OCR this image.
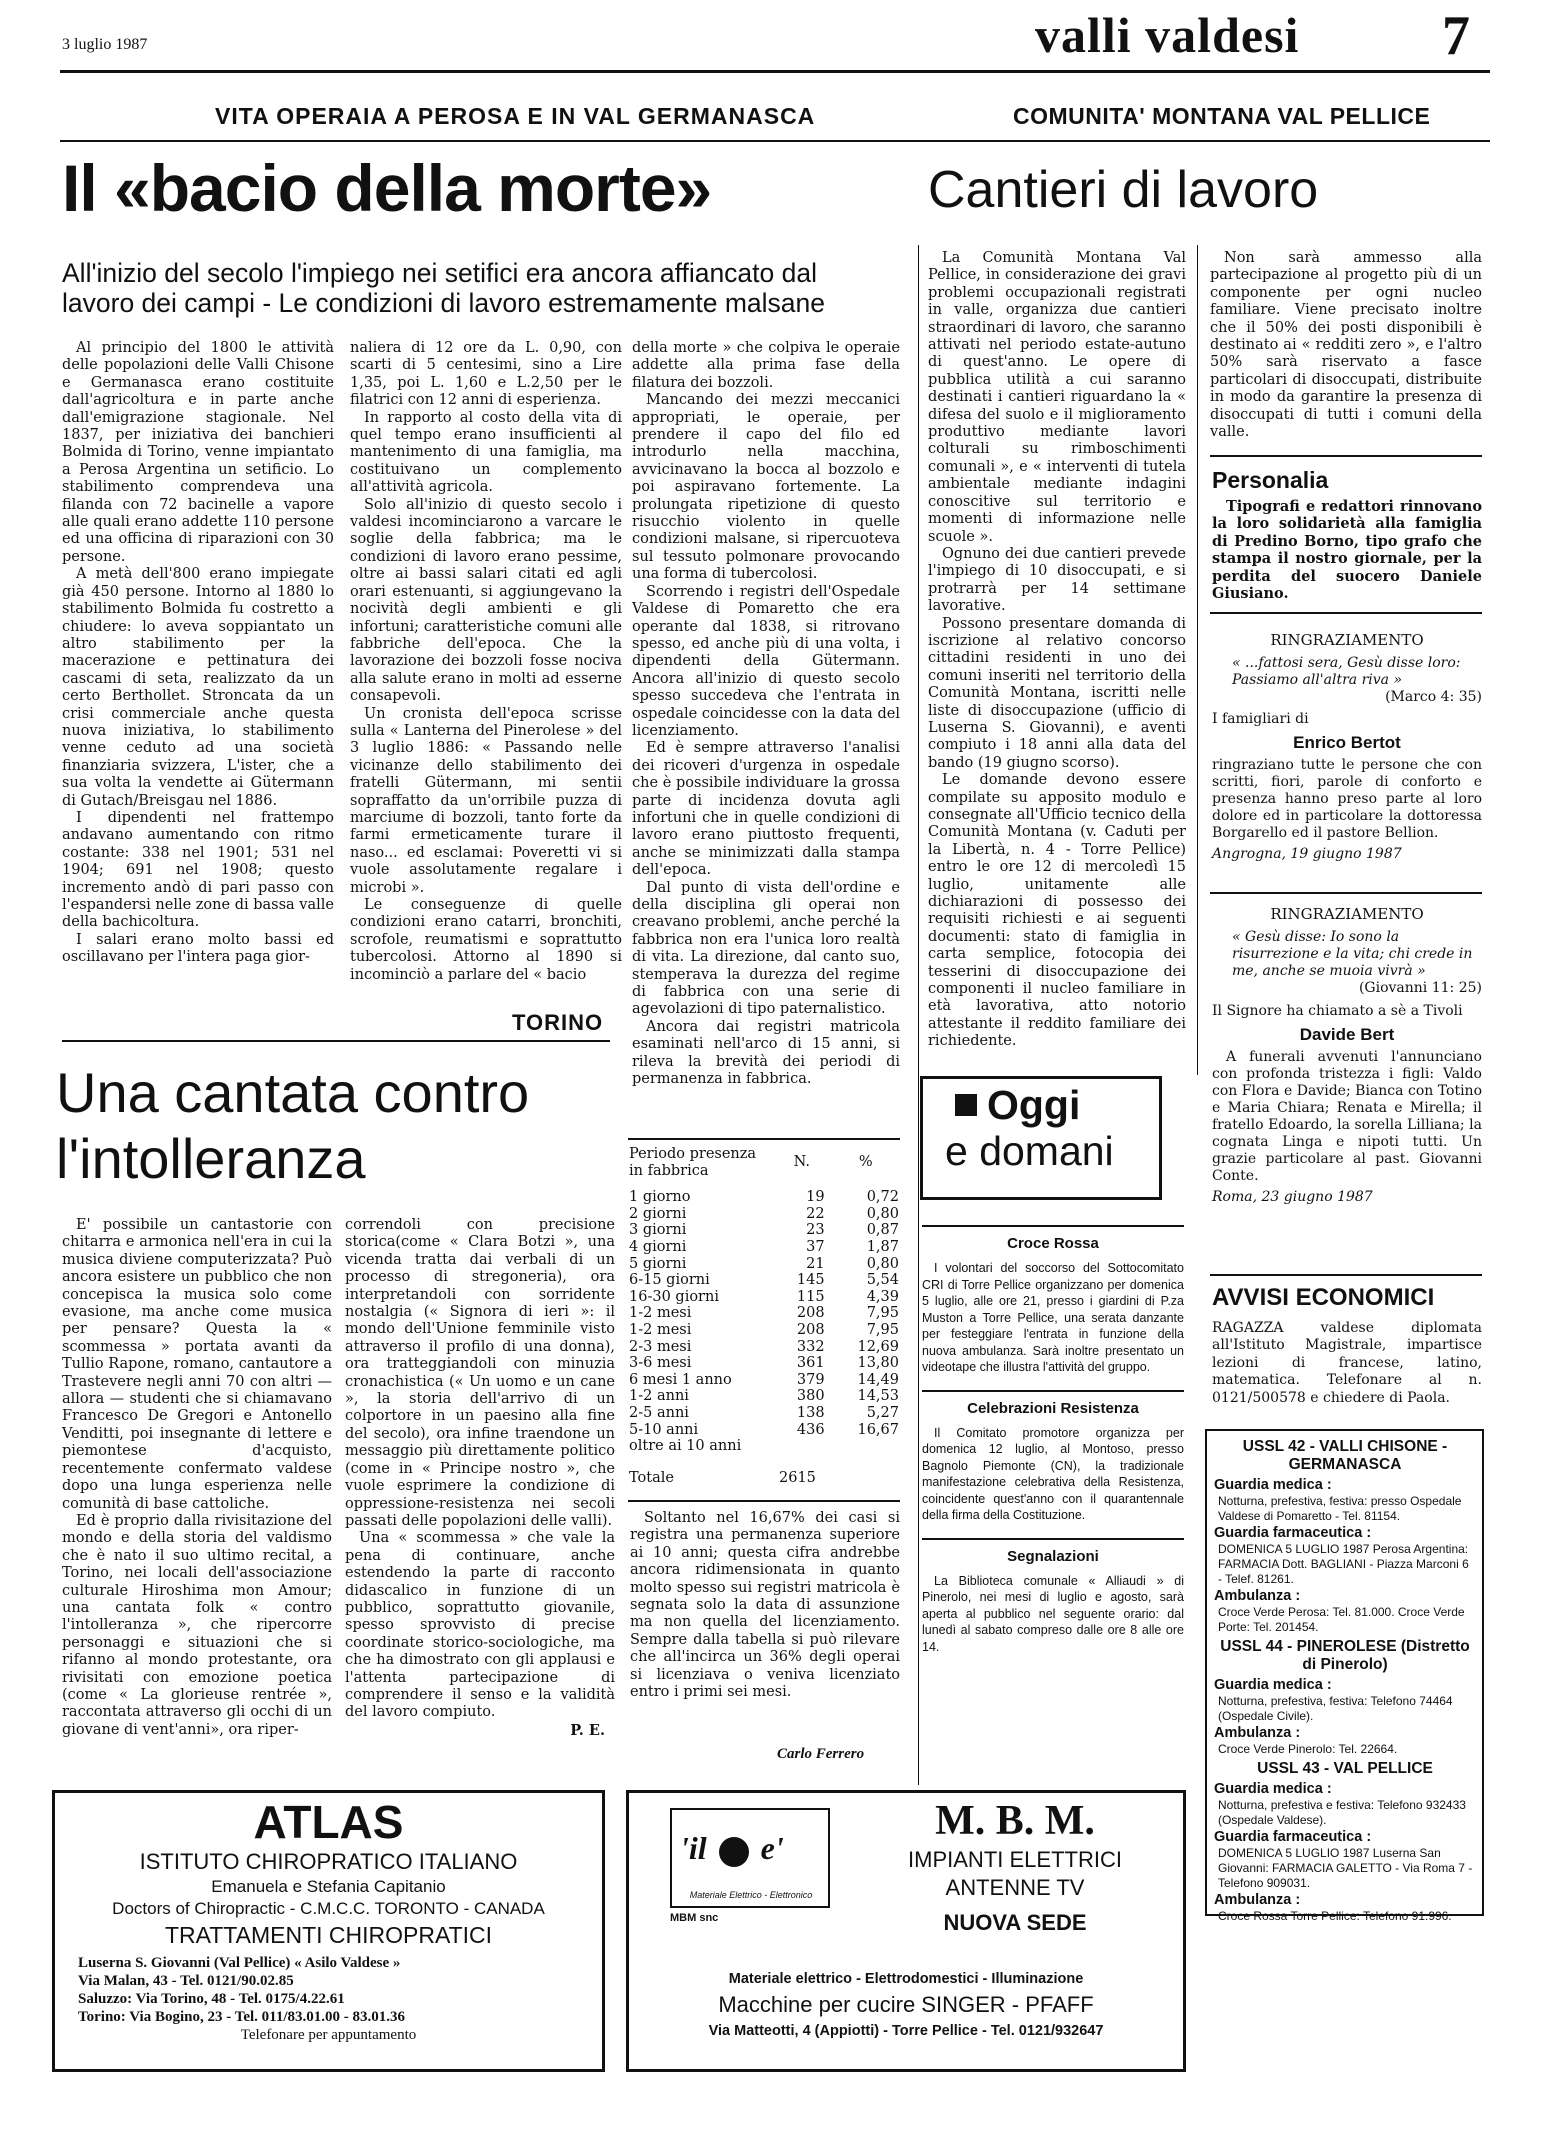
3 luglio 1987	valli valdesi	7
VITA OPERAIA A PEROSA E IN VAL GERMANASCA	COMUNITA' MONTANA VAL PELLICE
Il «bacio della morte»
All'inizio del secolo l'impiego nei setifici era ancora affiancato dal
lavoro dei campi - Le condizioni di lavoro estremamente malsane

Al principio del 1800 le attività delle popolazioni delle Valli Chisone e Germanasca erano costituite dall'agricoltura e in parte anche dall'emigrazione stagionale. Nel 1837, per iniziativa dei banchieri Bolmida di Torino, venne impiantato a Perosa Argentina un setificio. Lo stabilimento comprendeva una filanda con 72 bacinelle a vapore alle quali erano addette 110 persone ed una officina di riparazioni con 30 persone.

A metà dell'800 erano impiegate già 450 persone. Intorno al 1880 lo stabilimento Bolmida fu costretto a chiudere: lo aveva soppiantato un altro stabilimento per la macerazione e pettinatura dei cascami di seta, realizzato da un certo Berthollet. Stroncata da un crisi commerciale anche questa nuova iniziativa, lo stabilimento venne ceduto ad una società finanziaria svizzera, L'ister, che a sua volta la vendette ai Gütermann di Gutach/Breisgau nel 1886.

I dipendenti nel frattempo andavano aumentando con ritmo costante: 338 nel 1901; 531 nel 1904; 691 nel 1908; questo incremento andò di pari passo con l'espandersi nelle zone di bassa valle della bachicoltura.

I salari erano molto bassi ed oscillavano per l'intera paga gior-

naliera di 12 ore da L. 0,90, con scarti di 5 centesimi, sino a Lire 1,35, poi L. 1,60 e L.2,50 per le filatrici con 12 anni di esperienza.

In rapporto al costo della vita di quel tempo erano insufficienti al mantenimento di una famiglia, ma costituivano un complemento all'attività agricola.

Solo all'inizio di questo secolo i valdesi incominciarono a varcare le soglie della fabbrica; ma le condizioni di lavoro erano pessime, oltre ai bassi salari citati ed agli orari estenuanti, si aggiungevano la nocività degli ambienti e gli infortuni; caratteristiche comuni alle fabbriche dell'epoca. Che la lavorazione dei bozzoli fosse nociva alla salute erano in molti ad esserne consapevoli.

Un cronista dell'epoca scrisse sulla « Lanterna del Pinerolese » del 3 luglio 1886: « Passando nelle vicinanze dello stabilimento dei fratelli Gütermann, mi sentii sopraffatto da un'orribile puzza di marciume di bozzoli, tanto forte da farmi ermeticamente turare il naso... ed esclamai: Poveretti vi si vuole assolutamente regalare i microbi ».

Le conseguenze di quelle condizioni erano catarri, bronchiti, scrofole, reumatismi e soprattutto tubercolosi. Attorno al 1890 si incominciò a parlare del « bacio

della morte » che colpiva le operaie addette alla prima fase della filatura dei bozzoli.

Mancando dei mezzi meccanici appropriati, le operaie, per prendere il capo del filo ed introdurlo nella macchina, avvicinavano la bocca al bozzolo e poi aspiravano fortemente. La prolungata ripetizione di questo risucchio violento in quelle condizioni malsane, si ripercuoteva sul tessuto polmonare provocando una forma di tubercolosi.

Scorrendo i registri dell'Ospedale Valdese di Pomaretto che era operante dal 1838, si ritrovano spesso, ed anche più di una volta, i dipendenti della Gütermann. Ancora all'inizio di questo secolo spesso succedeva che l'entrata in ospedale coincidesse con la data del licenziamento.

Ed è sempre attraverso l'analisi dei ricoveri d'urgenza in ospedale che è possibile individuare la grossa parte di incidenza dovuta agli infortuni che in quelle condizioni di lavoro erano piuttosto frequenti, anche se minimizzati dalla stampa dell'epoca.

Dal punto di vista dell'ordine e della disciplina gli operai non creavano problemi, anche perché la fabbrica non era l'unica loro realtà di vita. La direzione, dal canto suo, stemperava la durezza del regime di fabbrica con una serie di agevolazioni di tipo paternalistico.

Ancora dai registri matricola esaminati nell'arco di 15 anni, si rileva la brevità dei periodi di permanenza in fabbrica.

Periodo presenza in fabbrica	N.	%
1 giorno	19	0,72
2 giorni	22	0,80
3 giorni	23	0,87
4 giorni	37	1,87
5 giorni	21	0,80
6-15 giorni	145	5,54
16-30 giorni	115	4,39
1-2 mesi	208	7,95
1-2 mesi	208	7,95
2-3 mesi	332	12,69
3-6 mesi	361	13,80
6 mesi 1 anno	379	14,49
1-2 anni	380	14,53
2-5 anni	138	5,27
5-10 anni	436	16,67
oltre ai 10 anni		
Totale	2615
Soltanto nel 16,67% dei casi si registra una permanenza superiore ai 10 anni; questa cifra andrebbe ancora ridimensionata in quanto molto spesso sui registri matricola è segnata solo la data di assunzione ma non quella del licenziamento. Sempre dalla tabella si può rilevare che all'incirca un 36% degli operai si licenziava o veniva licenziato entro i primi sei mesi.
Carlo Ferrero
TORINO
Una cantata contro
l'intolleranza

E' possibile un cantastorie con chitarra e armonica nell'era in cui la musica diviene computerizzata? Può ancora esistere un pubblico che non concepisca la musica solo come evasione, ma anche come musica per pensare? Questa la « scommessa » portata avanti da Tullio Rapone, romano, cantautore a Trastevere negli anni 70 con altri — allora — studenti che si chiamavano Francesco De Gregori e Antonello Venditti, poi insegnante di lettere e piemontese d'acquisto, recentemente confermato valdese dopo una lunga esperienza nelle comunità di base cattoliche.

Ed è proprio dalla rivisitazione del mondo e della storia del valdismo che è nato il suo ultimo recital, a Torino, nei locali dell'associazione culturale Hiroshima mon Amour; una cantata folk « contro l'intolleranza », che ripercorre personaggi e situazioni che si rifanno al mondo protestante, ora rivisitati con emozione poetica (come « La glorieuse rentrée », raccontata attraverso gli occhi di un giovane di vent'anni», ora riper-

correndoli con precisione storica(come « Clara Botzi », una vicenda tratta dai verbali di un processo di stregoneria), ora interpretandoli con sorridente nostalgia (« Signora di ieri »: il mondo dell'Unione femminile visto attraverso il profilo di una donna), ora tratteggiandoli con minuzia cronachistica (« Un uomo e un cane », la storia dell'arrivo di un colportore in un paesino alla fine del secolo), ora infine traendone un messaggio più direttamente politico (come in « Principe nostro », che vuole esprimere la condizione di oppressione-resistenza nei secoli passati delle popolazioni delle valli).

Una « scommessa » che vale la pena di continuare, anche estendendo la parte di racconto didascalico in funzione di un pubblico, soprattutto giovanile, spesso sprovvisto di precise coordinate storico-sociologiche, ma che ha dimostrato con gli applausi e l'attenta partecipazione di comprendere il senso e la validità del lavoro compiuto.

P. E.
Cantieri di lavoro

La Comunità Montana Val Pellice, in considerazione dei gravi problemi occupazionali registrati in valle, organizza due cantieri straordinari di lavoro, che saranno attivati nel periodo estate-autuno di quest'anno. Le opere di pubblica utilità a cui saranno destinati i cantieri riguardano la « difesa del suolo e il miglioramento produttivo mediante lavori colturali su rimboschimenti comunali », e « interventi di tutela ambientale mediante indagini conoscitive sul territorio e momenti di informazione nelle scuole ».

Ognuno dei due cantieri prevede l'impiego di 10 disoccupati, e si protrarrà per 14 settimane lavorative.

Possono presentare domanda di iscrizione al relativo concorso cittadini residenti in uno dei comuni inseriti nel territorio della Comunità Montana, iscritti nelle liste di disoccupazione (ufficio di Luserna S. Giovanni), e aventi compiuto i 18 anni alla data del bando (19 giugno scorso).

Le domande devono essere compilate su apposito modulo e consegnate all'Ufficio tecnico della Comunità Montana (v. Caduti per la Libertà, n. 4 - Torre Pellice) entro le ore 12 di mercoledì 15 luglio, unitamente alle dichiarazioni di possesso dei requisiti richiesti e ai seguenti documenti: stato di famiglia in carta semplice, fotocopia dei tesserini di disoccupazione dei componenti il nucleo familiare in età lavorativa, atto notorio attestante il reddito familiare dei richiedente.

Non sarà ammesso alla partecipazione al progetto più di un componente per ogni nucleo familiare. Viene precisato inoltre che il 50% dei posti disponibili è destinato ai « redditi zero », e l'altro 50% sarà riservato a fasce particolari di disoccupati, distribuite in modo da garantire la presenza di disoccupati di tutti i comuni della valle.
Personalia
Tipografi e redattori rinnovano la loro solidarietà alla famiglia di Predino Borno, tipo grafo che stampa il nostro giornale, per la perdita del suocero Daniele Giusiano.
RINGRAZIAMENTO
« ...fattosi sera, Gesù disse loro: Passiamo all'altra riva »
(Marco 4: 35)
I famigliari di
Enrico Bertot
ringraziano tutte le persone che con scritti, fiori, parole di conforto e presenza hanno preso parte al loro dolore ed in particolare la dottoressa Borgarello ed il pastore Bellion.
Angrogna, 19 giugno 1987
RINGRAZIAMENTO
« Gesù disse: Io sono la risurrezione e la vita; chi crede in me, anche se muoia vivrà »
(Giovanni 11: 25)
Il Signore ha chiamato a sè a Tivoli
Davide Bert
A funerali avvenuti l'annunciano con profonda tristezza i figli: Valdo con Flora e Davide; Bianca con Totino e Maria Chiara; Renata e Mirella; il fratello Edoardo, la sorella Lilliana; la cognata Linga e nipoti tutti. Un grazie particolare al past. Giovanni Conte.
Roma, 23 giugno 1987
AVVISI ECONOMICI
RAGAZZA valdese diplomata all'Istituto Magistrale, impartisce lezioni di francese, latino, matematica. Telefonare al n. 0121/500578 e chiedere di Paola.
USSL 42 - VALLI CHISONE - GERMANASCA
Guardia medica :
Notturna, prefestiva, festiva: presso Ospedale Valdese di Pomaretto - Tel. 81154.
Guardia farmaceutica :
DOMENICA 5 LUGLIO 1987 Perosa Argentina: FARMACIA Dott. BAGLIANI - Piazza Marconi 6 - Telef. 81261.
Ambulanza :
Croce Verde Perosa: Tel. 81.000. Croce Verde Porte: Tel. 201454.
USSL 44 - PINEROLESE (Distretto di Pinerolo)
Guardia medica :
Notturna, prefestiva, festiva: Telefono 74464 (Ospedale Civile).
Ambulanza :
Croce Verde Pinerolo: Tel. 22664.
USSL 43 - VAL PELLICE
Guardia medica :
Notturna, prefestiva e festiva: Telefono 932433 (Ospedale Valdese).
Guardia farmaceutica :
DOMENICA 5 LUGLIO 1987 Luserna San Giovanni: FARMACIA GALETTO - Via Roma 7 - Telefono 909031.
Ambulanza :
Croce Rossa Torre Pellice: Telefono 91.996.
Oggi
e domani
Croce Rossa
I volontari del soccorso del Sottocomitato CRI di Torre Pellice organizzano per domenica 5 luglio, alle ore 21, presso i giardini di P.za Muston a Torre Pellice, una serata danzante per festeggiare l'entrata in funzione della nuova ambulanza. Sarà inoltre presentato un videotape che illustra l'attività del gruppo.
Celebrazioni Resistenza
Il Comitato promotore organizza per domenica 12 luglio, al Montoso, presso Bagnolo Piemonte (CN), la tradizionale manifestazione celebrativa della Resistenza, coincidente quest'anno con il quarantennale della firma della Costituzione.
Segnalazioni
La Biblioteca comunale « Alliaudi » di Pinerolo, nei mesi di luglio e agosto, sarà aperta al pubblico nel seguente orario: dal lunedì al sabato compreso dalle ore 8 alle ore 14.
ATLAS
ISTITUTO CHIROPRATICO ITALIANO
Emanuela e Stefania Capitanio
Doctors of Chiropractic - C.M.C.C. TORONTO - CANADA
TRATTAMENTI CHIROPRATICI
Luserna S. Giovanni (Val Pellice) « Asilo Valdese »
Via Malan, 43 - Tel. 0121/90.02.85
Saluzzo: Via Torino, 48 - Tel. 0175/4.22.61
Torino: Via Bogino, 23 - Tel. 011/83.01.00 - 83.01.36
Telefonare per appuntamento
'il e'
Materiale Elettrico - Elettronico
MBM snc
M. B. M.
IMPIANTI ELETTRICI
ANTENNE TV
NUOVA SEDE
Materiale elettrico - Elettrodomestici - Illuminazione
Macchine per cucire SINGER - PFAFF
Via Matteotti, 4 (Appiotti) - Torre Pellice - Tel. 0121/932647
